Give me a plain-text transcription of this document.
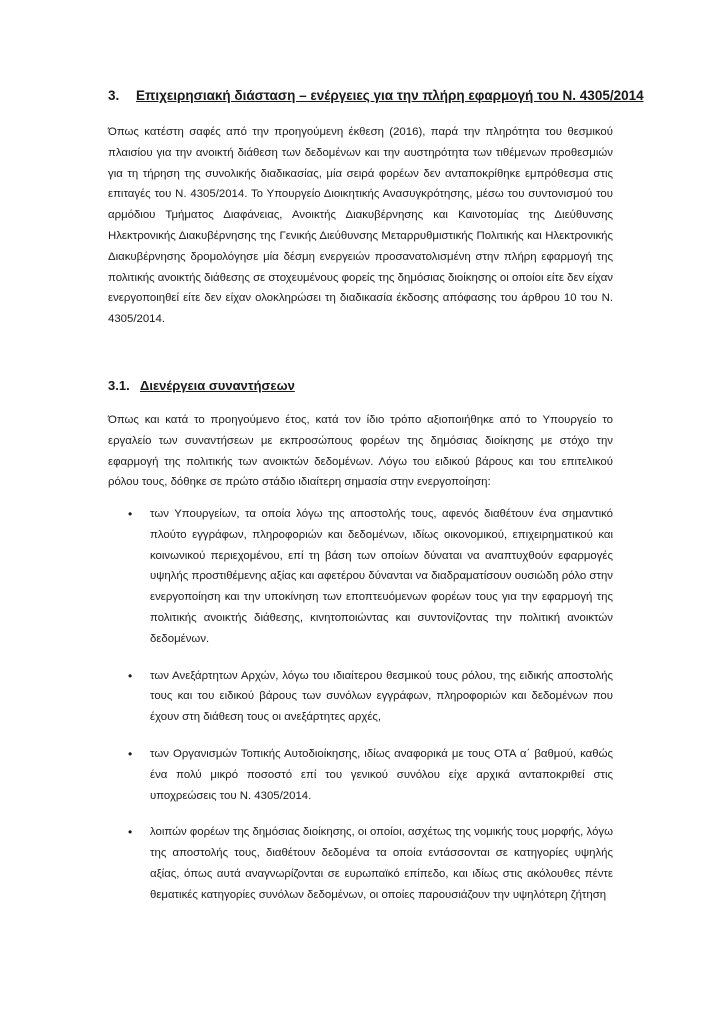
3. Επιχειρησιακή διάσταση – ενέργειες για την πλήρη εφαρμογή του Ν. 4305/2014

Όπως κατέστη σαφές από την προηγούμενη έκθεση (2016), παρά την πληρότητα του θεσμικού πλαισίου για την ανοικτή διάθεση των δεδομένων και την αυστηρότητα των τιθέμενων προθεσμιών για τη τήρηση της συνολικής διαδικασίας, μία σειρά φορέων δεν ανταποκρίθηκε εμπρόθεσμα στις επιταγές του Ν. 4305/2014. Το Υπουργείο Διοικητικής Ανασυγκρότησης, μέσω του συντονισμού του αρμόδιου Τμήματος Διαφάνειας, Ανοικτής Διακυβέρνησης και Καινοτομίας της Διεύθυνσης Ηλεκτρονικής Διακυβέρνησης της Γενικής Διεύθυνσης Μεταρρυθμιστικής Πολιτικής και Ηλεκτρονικής Διακυβέρνησης δρομολόγησε μία δέσμη ενεργειών προσανατολισμένη στην πλήρη εφαρμογή της πολιτικής ανοικτής διάθεσης σε στοχευμένους φορείς της δημόσιας διοίκησης οι οποίοι είτε δεν είχαν ενεργοποιηθεί είτε δεν είχαν ολοκληρώσει τη διαδικασία έκδοσης απόφασης του άρθρου 10 του Ν. 4305/2014.

3.1. Διενέργεια συναντήσεων

Όπως και κατά το προηγούμενο έτος, κατά τον ίδιο τρόπο αξιοποιήθηκε από το Υπουργείο το εργαλείο των συναντήσεων με εκπροσώπους φορέων της δημόσιας διοίκησης με στόχο την εφαρμογή της πολιτικής των ανοικτών δεδομένων. Λόγω του ειδικού βάρους και του επιτελικού ρόλου τους, δόθηκε σε πρώτο στάδιο ιδιαίτερη σημασία στην ενεργοποίηση:

• των Υπουργείων, τα οποία λόγω της αποστολής τους, αφενός διαθέτουν ένα σημαντικό πλούτο εγγράφων, πληροφοριών και δεδομένων, ιδίως οικονομικού, επιχειρηματικού και κοινωνικού περιεχομένου, επί τη βάση των οποίων δύναται να αναπτυχθούν εφαρμογές υψηλής προστιθέμενης αξίας και αφετέρου δύνανται να διαδραματίσουν ουσιώδη ρόλο στην ενεργοποίηση και την υποκίνηση των εποπτευόμενων φορέων τους για την εφαρμογή της πολιτικής ανοικτής διάθεσης, κινητοποιώντας και συντονίζοντας την πολιτική ανοικτών δεδομένων.
• των Ανεξάρτητων Αρχών, λόγω του ιδιαίτερου θεσμικού τους ρόλου, της ειδικής αποστολής τους και του ειδικού βάρους των συνόλων εγγράφων, πληροφοριών και δεδομένων που έχουν στη διάθεση τους οι ανεξάρτητες αρχές,
• των Οργανισμών Τοπικής Αυτοδιοίκησης, ιδίως αναφορικά με τους ΟΤΑ α΄ βαθμού, καθώς ένα πολύ μικρό ποσοστό επί του γενικού συνόλου είχε αρχικά ανταποκριθεί στις υποχρεώσεις του Ν. 4305/2014.
• λοιπών φορέων της δημόσιας διοίκησης, οι οποίοι, ασχέτως της νομικής τους μορφής, λόγω της αποστολής τους, διαθέτουν δεδομένα τα οποία εντάσσονται σε κατηγορίες υψηλής αξίας, όπως αυτά αναγνωρίζονται σε ευρωπαϊκό επίπεδο, και ιδίως στις ακόλουθες πέντε θεματικές κατηγορίες συνόλων δεδομένων, οι οποίες παρουσιάζουν την υψηλότερη ζήτηση
